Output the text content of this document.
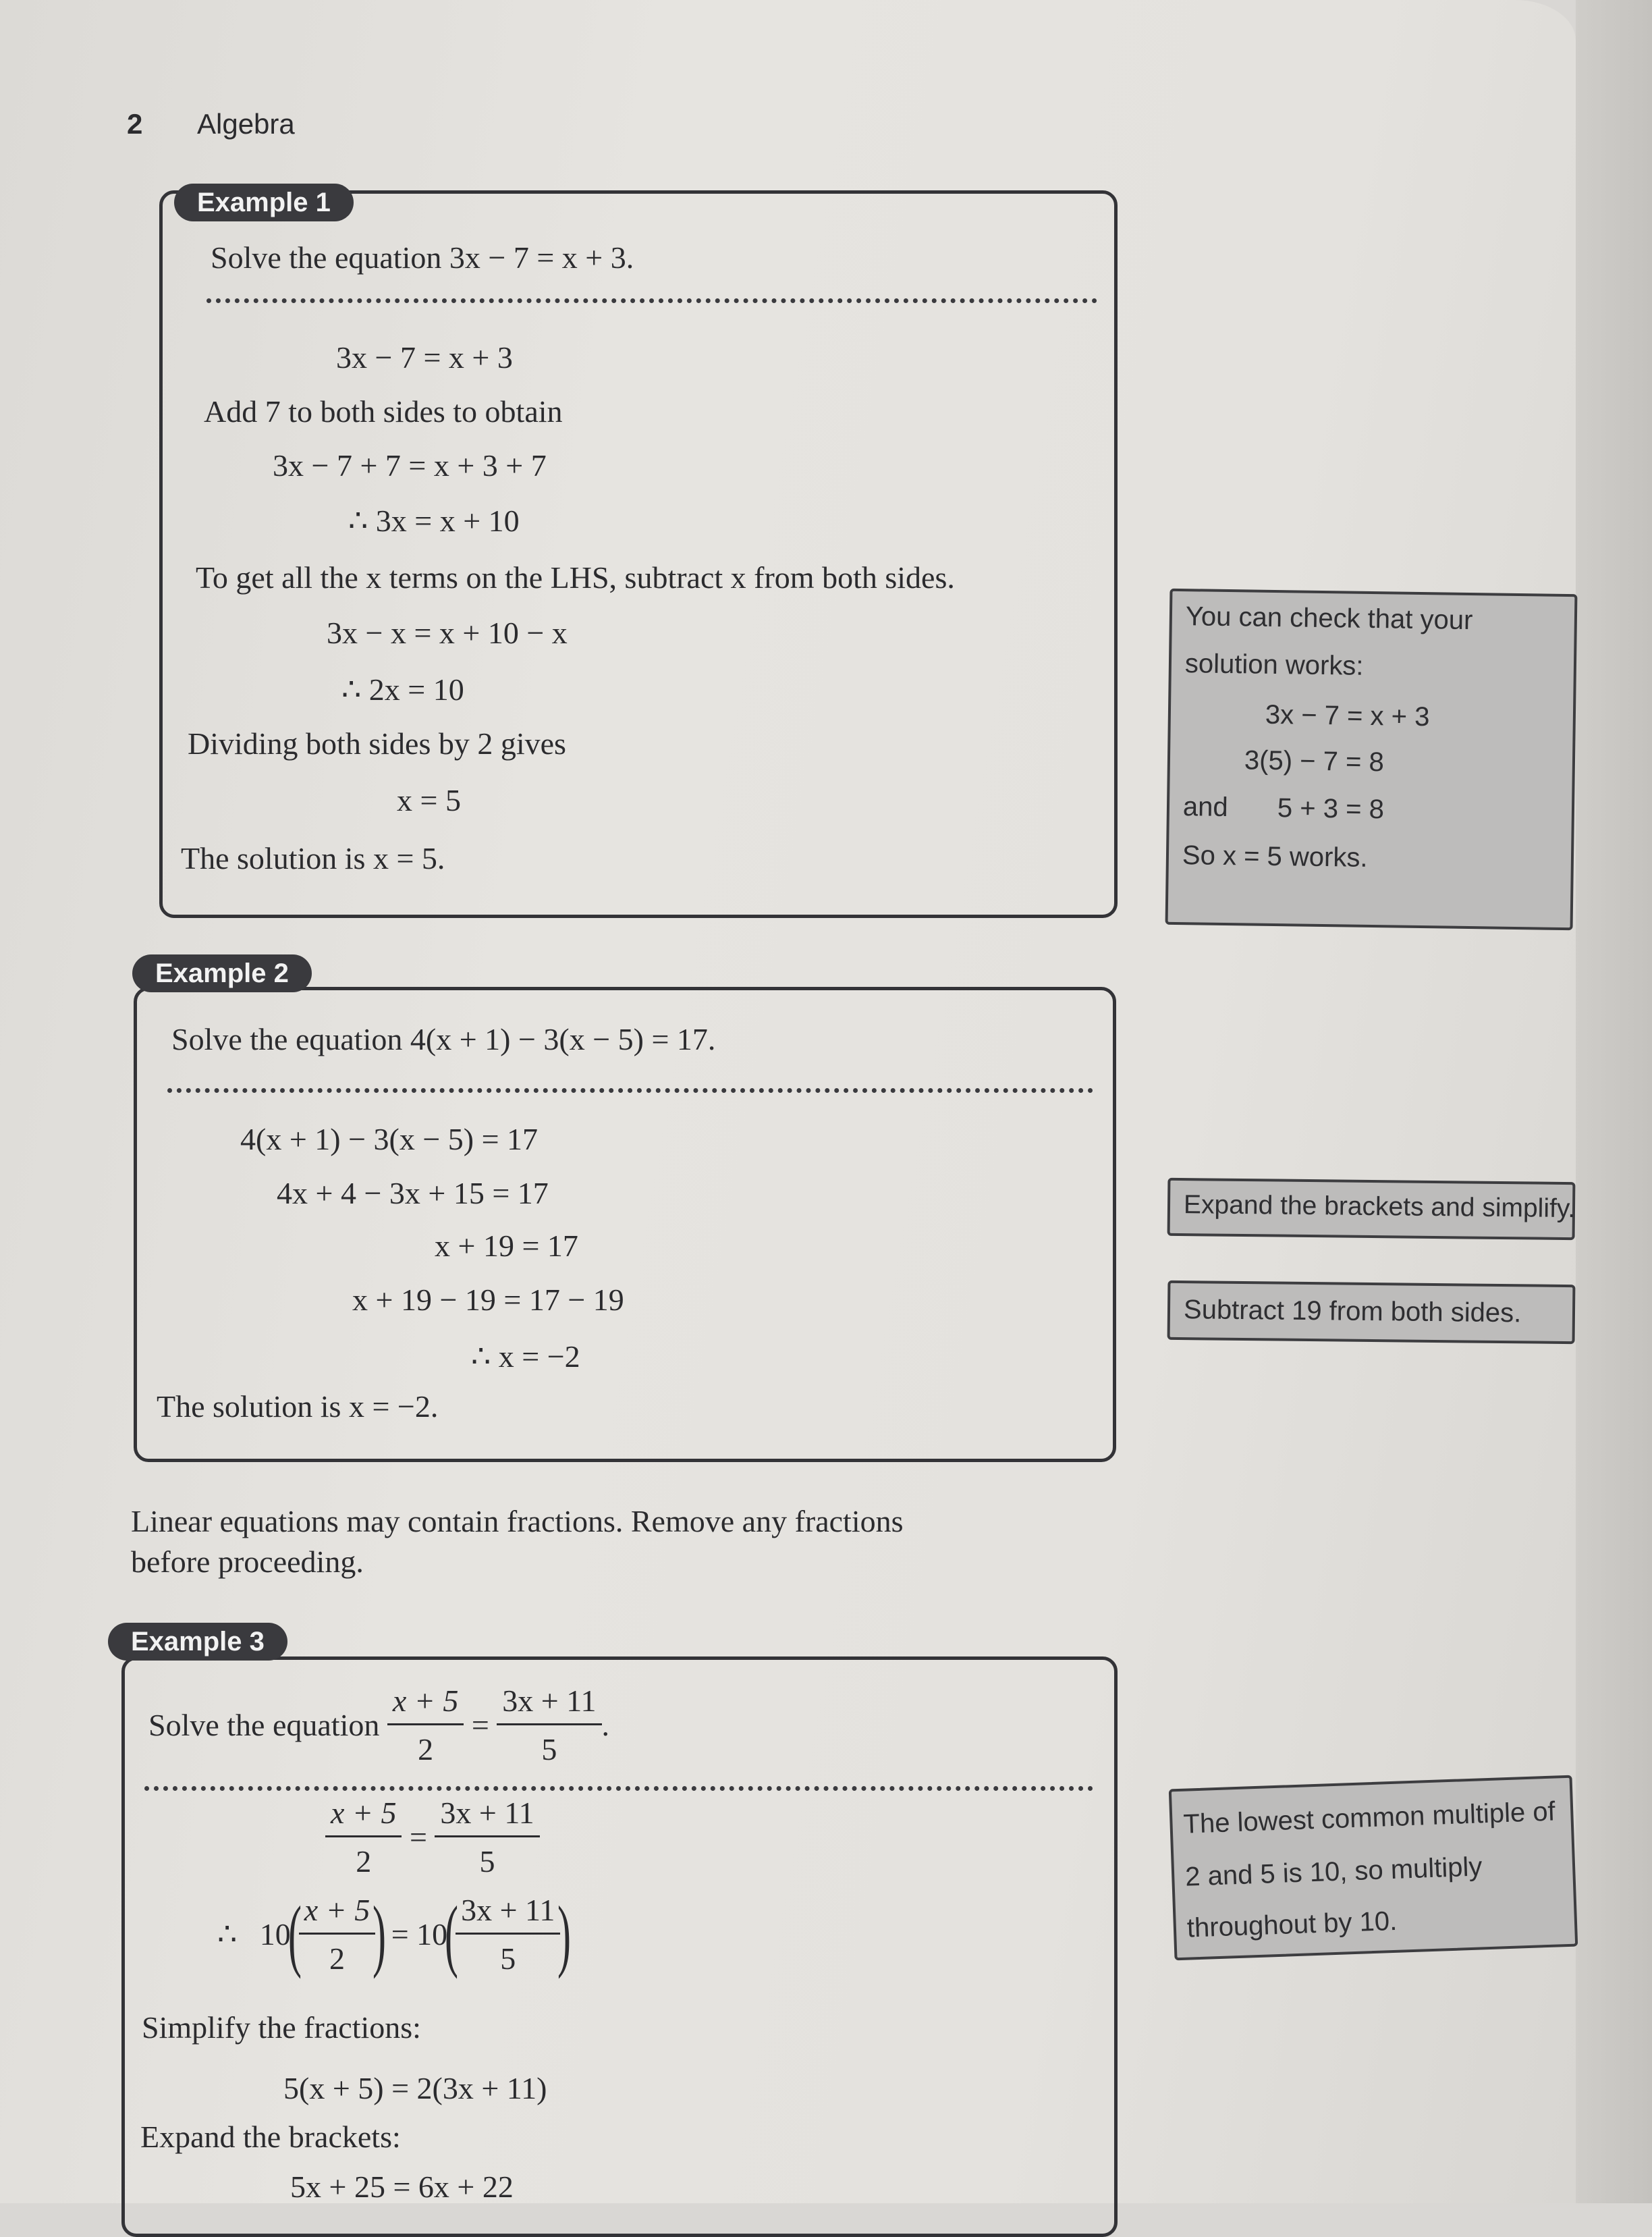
2 Algebra
Example 1
Solve the equation 3x − 7 = x + 3.
3x − 7 = x + 3
Add 7 to both sides to obtain
3x − 7 + 7 = x + 3 + 7
∴ 3x = x + 10
To get all the x terms on the LHS, subtract x from both sides.
3x − x = x + 10 − x
∴ 2x = 10
Dividing both sides by 2 gives
x = 5
The solution is x = 5.
You can check that your
solution works:
3x − 7 = x + 3
3(5) − 7 = 8
and 5 + 3 = 8
So x = 5 works.
Example 2
Solve the equation 4(x + 1) − 3(x − 5) = 17.
4(x + 1) − 3(x − 5) = 17
4x + 4 − 3x + 15 = 17
x + 19 = 17
x + 19 − 19 = 17 − 19
∴ x = −2
The solution is x = −2.
Expand the brackets and simplify.
Subtract 19 from both sides.
Linear equations may contain fractions. Remove any fractions
before proceeding.
Example 3
Solve the equation $\frac{x + 5}{2} = \frac{3x + 11}{5}$ .
$\frac{x + 5}{2} = \frac{3x + 11}{5}$
∴ 10(
$\frac{x + 5}{2}$
) = 10(
$\frac{3x + 11}{5}$
)
Simplify the fractions:
5(x + 5) = 2(3x + 11)
Expand the brackets:
5x + 25 = 6x + 22
The lowest common multiple of
2 and 5 is 10, so multiply
throughout by 10.
